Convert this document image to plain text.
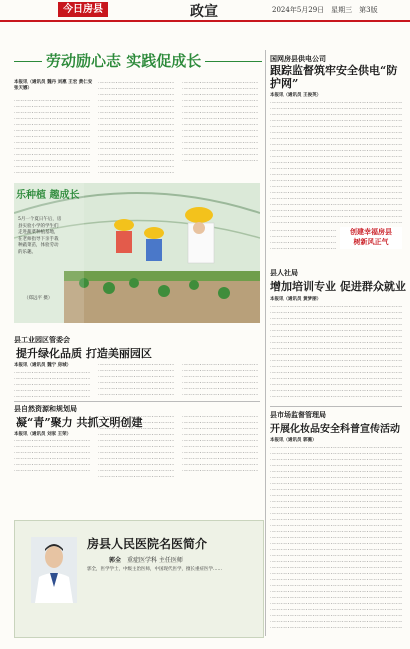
今日房县	政宣	2024年5月29日　星期三　第3版
劳动励心志 实践促成长
本报讯（通讯员 魏丹 刘惠 王宏 黄仁安 张天娜）
……………………………………………………………………………………………………………………………………………………
……………………………………………………………………………………………………………………………………………………
……………………………………………………………………………………………………………………………………………………
……………………………………………………………………………………………………………………………………………………
……………………………………………………………………………………………………………………………………………………
……………………………………………………………………………………………………………………………………………………
……………………………………………………………………………………………………………………………………………………
……………………………………………………………………………………………………………………………………………………
……………………………………………………………………………………………………………………………………………………
……………………………………………………………………………………………………………………………………………………
……………………………………………………………………………………………………………………………………………………
……………………………………………………………………………………………………………………………………………………
……………………………………………………………………………………………………………………………………………………
……………………………………………………………………………………………………………………………………………………
……………………………………………………………………………………………………………………………………………………
……………………………………………………………………………………………………………………………………………………
……………………………………………………………………………………………………………………………………………………
……………………………………………………………………………………………………………………………………………………
……………………………………………………………………………………………………………………………………………………
……………………………………………………………………………………………………………………………………………………
……………………………………………………………………………………………………………………………………………………
……………………………………………………………………………………………………………………………………………………
……………………………………………………………………………………………………………………………………………………
……………………………………………………………………………………………………………………………………………………
……………………………………………………………………………………………………………………………………………………
……………………………………………………………………………………………………………………………………………………
……………………………………………………………………………………………………………………………………………………
……………………………………………………………………………………………………………………………………………………
……………………………………………………………………………………………………………………………………………………
……………………………………………………………………………………………………………………………………………………
……………………………………………………………………………………………………………………………………………………
……………………………………………………………………………………………………………………………………………………
……………………………………………………………………………………………………………………………………………………
……………………………………………………………………………………………………………………………………………………
……………………………………………………………………………………………………………………………………………………
……………………………………………………………………………………………………………………………………………………
……………………………………………………………………………………………………………………………………………………
……………………………………………………………………………………………………………………………………………………
……………………………………………………………………………………………………………………………………………………
……………………………………………………………………………………………………………………………………………………
……………………………………………………………………………………………………………………………………………………
……………………………………………………………………………………………………………………………………………………
……………………………………………………………………………………………………………………………………………………
乐种植 趣成长
5月一个夏日午后，房县实验小学的学生们走进蔬菜种植基地，在老师指导下亲手栽种蔬菜苗，体验劳动的乐趣。
（郑远平 摄）
县工业园区管委会
提升绿化品质 打造美丽园区
本报讯（通讯员 魏宁 房城）
……………………………………………………………………………………………………………………………………………………
……………………………………………………………………………………………………………………………………………………
……………………………………………………………………………………………………………………………………………………
……………………………………………………………………………………………………………………………………………………
……………………………………………………………………………………………………………………………………………………
……………………………………………………………………………………………………………………………………………………
……………………………………………………………………………………………………………………………………………………
……………………………………………………………………………………………………………………………………………………
……………………………………………………………………………………………………………………………………………………
……………………………………………………………………………………………………………………………………………………
……………………………………………………………………………………………………………………………………………………
……………………………………………………………………………………………………………………………………………………
……………………………………………………………………………………………………………………………………………………
……………………………………………………………………………………………………………………………………………………
……………………………………………………………………………………………………………………………………………………
……………………………………………………………………………………………………………………………………………………
……………………………………………………………………………………………………………………………………………………
县自然资源和规划局
凝“青”聚力 共抓文明创建
本报讯（通讯员 刘家 王荣）
……………………………………………………………………………………………………………………………………………………
……………………………………………………………………………………………………………………………………………………
……………………………………………………………………………………………………………………………………………………
……………………………………………………………………………………………………………………………………………………
……………………………………………………………………………………………………………………………………………………
……………………………………………………………………………………………………………………………………………………
……………………………………………………………………………………………………………………………………………………
……………………………………………………………………………………………………………………………………………………
……………………………………………………………………………………………………………………………………………………
……………………………………………………………………………………………………………………………………………………
……………………………………………………………………………………………………………………………………………………
……………………………………………………………………………………………………………………………………………………
……………………………………………………………………………………………………………………………………………………
……………………………………………………………………………………………………………………………………………………
……………………………………………………………………………………………………………………………………………………
……………………………………………………………………………………………………………………………………………………
……………………………………………………………………………………………………………………………………………………
……………………………………………………………………………………………………………………………………………………
……………………………………………………………………………………………………………………………………………………
……………………………………………………………………………………………………………………………………………………
……………………………………………………………………………………………………………………………………………………
……………………………………………………………………………………………………………………………………………………
……………………………………………………………………………………………………………………………………………………
……………………………………………………………………………………………………………………………………………………
……………………………………………………………………………………………………………………………………………………
……………………………………………………………………………………………………………………………………………………
……………………………………………………………………………………………………………………………………………………
房县人民医院名医简介
郭全 重症医学科 主任医师
郭全，医学学士，中级主治医师，中国现代医学，擅长重症医学……
国网房县供电公司
跟踪监督筑牢安全供电“防护网”
本报讯（通讯员 王俊英）
……………………………………………………………………………………………………………………………………………………
……………………………………………………………………………………………………………………………………………………
……………………………………………………………………………………………………………………………………………………
……………………………………………………………………………………………………………………………………………………
……………………………………………………………………………………………………………………………………………………
……………………………………………………………………………………………………………………………………………………
……………………………………………………………………………………………………………………………………………………
……………………………………………………………………………………………………………………………………………………
……………………………………………………………………………………………………………………………………………………
……………………………………………………………………………………………………………………………………………………
……………………………………………………………………………………………………………………………………………………
……………………………………………………………………………………………………………………………………………………
……………………………………………………………………………………………………………………………………………………
……………………………………………………………………………………………………………………………………………………
……………………………………………………………………………………………………………………………………………………
……………………………………………………………………………………………………………………………………………………
……………………………………………………………………………………………………………………………………………………
……………………………………………………………………………………………………………………………………………………
……………………………………………………………………………………………………………………………………………………
……………………………………………………………………………………………………………………………………………………
……………………………………………………………………………………………………………………………………………………
创建幸福房县
树新风正气
……………………………………………………………………………………………………………………………………………………
……………………………………………………………………………………………………………………………………………………
……………………………………………………………………………………………………………………………………………………
……………………………………………………………………………………………………………………………………………………
县人社局
增加培训专业 促进群众就业
本报讯（通讯员 黄梦丽）
……………………………………………………………………………………………………………………………………………………
……………………………………………………………………………………………………………………………………………………
……………………………………………………………………………………………………………………………………………………
……………………………………………………………………………………………………………………………………………………
……………………………………………………………………………………………………………………………………………………
……………………………………………………………………………………………………………………………………………………
……………………………………………………………………………………………………………………………………………………
……………………………………………………………………………………………………………………………………………………
……………………………………………………………………………………………………………………………………………………
……………………………………………………………………………………………………………………………………………………
……………………………………………………………………………………………………………………………………………………
……………………………………………………………………………………………………………………………………………………
……………………………………………………………………………………………………………………………………………………
……………………………………………………………………………………………………………………………………………………
……………………………………………………………………………………………………………………………………………………
……………………………………………………………………………………………………………………………………………………
县市场监督管理局
开展化妆品安全科普宣传活动
本报讯（通讯员 郭薇）
……………………………………………………………………………………………………………………………………………………
……………………………………………………………………………………………………………………………………………………
……………………………………………………………………………………………………………………………………………………
……………………………………………………………………………………………………………………………………………………
……………………………………………………………………………………………………………………………………………………
……………………………………………………………………………………………………………………………………………………
……………………………………………………………………………………………………………………………………………………
……………………………………………………………………………………………………………………………………………………
……………………………………………………………………………………………………………………………………………………
……………………………………………………………………………………………………………………………………………………
……………………………………………………………………………………………………………………………………………………
……………………………………………………………………………………………………………………………………………………
……………………………………………………………………………………………………………………………………………………
……………………………………………………………………………………………………………………………………………………
……………………………………………………………………………………………………………………………………………………
……………………………………………………………………………………………………………………………………………………
……………………………………………………………………………………………………………………………………………………
……………………………………………………………………………………………………………………………………………………
……………………………………………………………………………………………………………………………………………………
……………………………………………………………………………………………………………………………………………………
……………………………………………………………………………………………………………………………………………………
……………………………………………………………………………………………………………………………………………………
……………………………………………………………………………………………………………………………………………………
……………………………………………………………………………………………………………………………………………………
……………………………………………………………………………………………………………………………………………………
……………………………………………………………………………………………………………………………………………………
……………………………………………………………………………………………………………………………………………………
……………………………………………………………………………………………………………………………………………………
……………………………………………………………………………………………………………………………………………………
……………………………………………………………………………………………………………………………………………………
……………………………………………………………………………………………………………………………………………………
